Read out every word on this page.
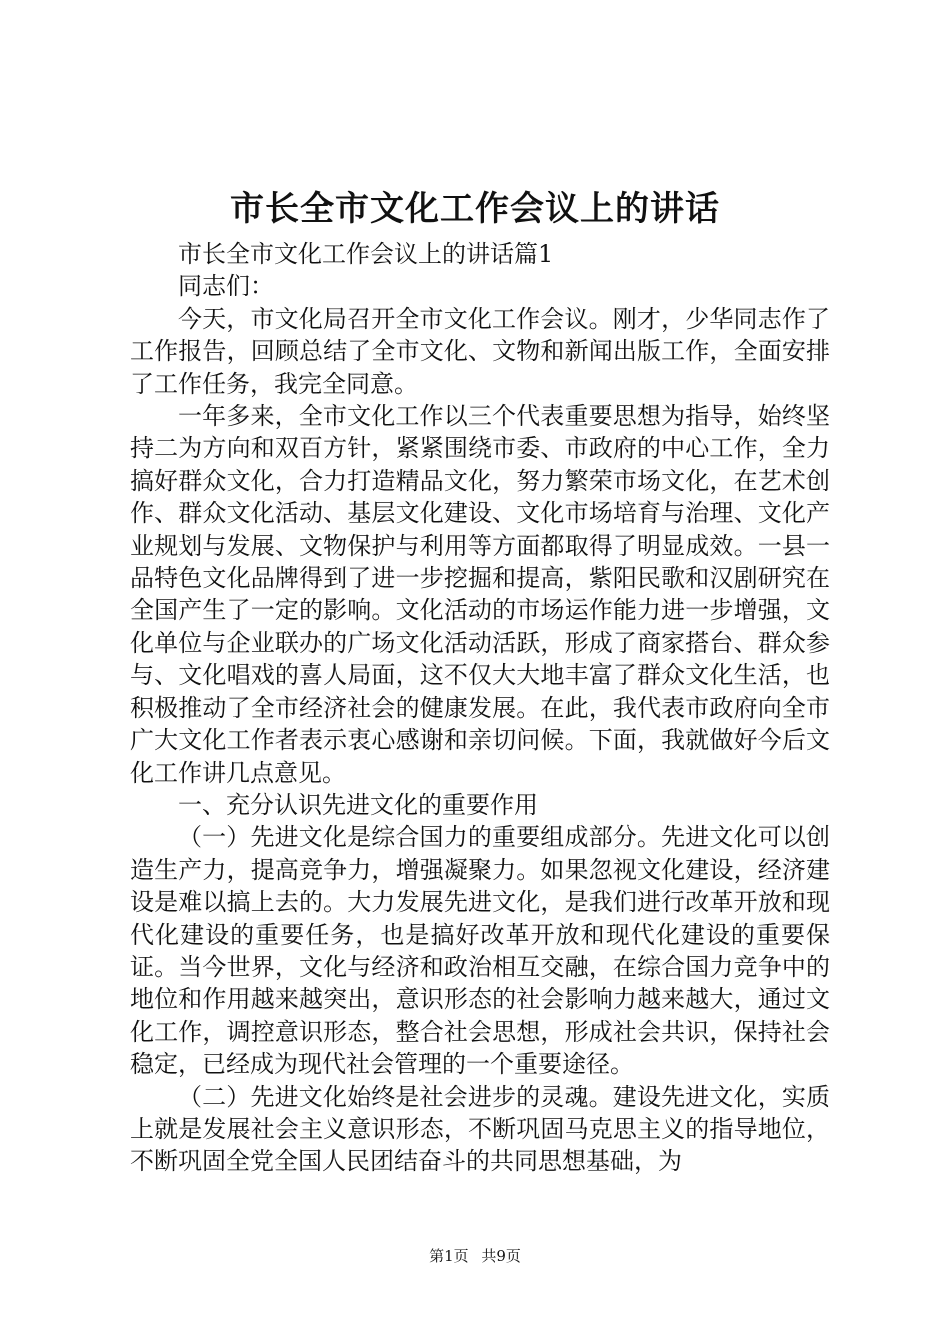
市长全市文化工作会议上的讲话

市长全市文化工作会议上的讲话篇1

同志们：

今天，市文化局召开全市文化工作会议。刚才，少华同志作了工作报告，回顾总结了全市文化、文物和新闻出版工作，全面安排了工作任务，我完全同意。

一年多来，全市文化工作以三个代表重要思想为指导，始终坚持二为方向和双百方针，紧紧围绕市委、市政府的中心工作，全力搞好群众文化，合力打造精品文化，努力繁荣市场文化，在艺术创作、群众文化活动、基层文化建设、文化市场培育与治理、文化产业规划与发展、文物保护与利用等方面都取得了明显成效。一县一品特色文化品牌得到了进一步挖掘和提高，紫阳民歌和汉剧研究在全国产生了一定的影响。文化活动的市场运作能力进一步增强，文化单位与企业联办的广场文化活动活跃，形成了商家搭台、群众参与、文化唱戏的喜人局面，这不仅大大地丰富了群众文化生活，也积极推动了全市经济社会的健康发展。在此，我代表市政府向全市广大文化工作者表示衷心感谢和亲切问候。下面，我就做好今后文化工作讲几点意见。

一、充分认识先进文化的重要作用

（一）先进文化是综合国力的重要组成部分。先进文化可以创造生产力，提高竞争力，增强凝聚力。如果忽视文化建设，经济建设是难以搞上去的。大力发展先进文化，是我们进行改革开放和现代化建设的重要任务，也是搞好改革开放和现代化建设的重要保证。当今世界，文化与经济和政治相互交融，在综合国力竞争中的地位和作用越来越突出，意识形态的社会影响力越来越大，通过文化工作，调控意识形态，整合社会思想，形成社会共识，保持社会稳定，已经成为现代社会管理的一个重要途径。

（二）先进文化始终是社会进步的灵魂。建设先进文化，实质上就是发展社会主义意识形态，不断巩固马克思主义的指导地位，不断巩固全党全国人民团结奋斗的共同思想基础，为

第1页 共9页
